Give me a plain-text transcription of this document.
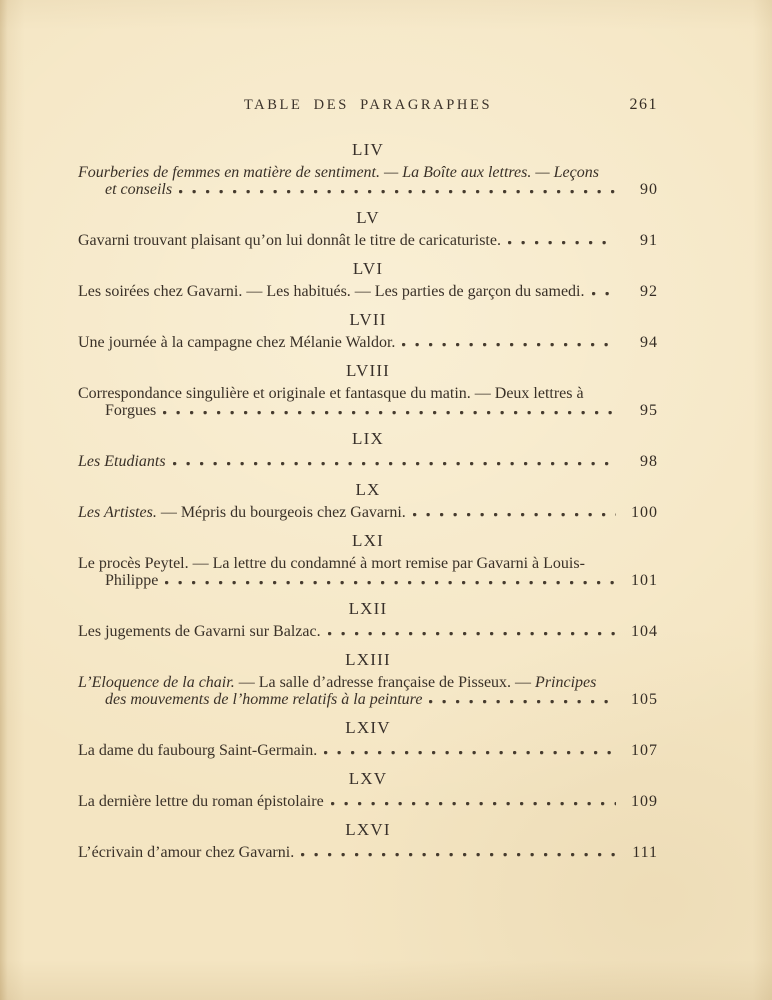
TABLE DES PARAGRAPHES	261
LIV
Fourberies de femmes en matière de sentiment. — La Boîte aux lettres. — Leçons
et conseils	90
LV
Gavarni trouvant plaisant qu’on lui donnât le titre de caricaturiste.	91
LVI
Les soirées chez Gavarni. — Les habitués. — Les parties de garçon du samedi.	92
LVII
Une journée à la campagne chez Mélanie Waldor.	94
LVIII
Correspondance singulière et originale et fantasque du matin. — Deux lettres à
Forgues	95
LIX
Les Etudiants	98
LX
Les Artistes. — Mépris du bourgeois chez Gavarni.	100
LXI
Le procès Peytel. — La lettre du condamné à mort remise par Gavarni à Louis-
Philippe	101
LXII
Les jugements de Gavarni sur Balzac.	104
LXIII
L’Eloquence de la chair. — La salle d’adresse française de Pisseux. — Principes
des mouvements de l’homme relatifs à la peinture	105
LXIV
La dame du faubourg Saint-Germain.	107
LXV
La dernière lettre du roman épistolaire	109
LXVI
L’écrivain d’amour chez Gavarni.	111
